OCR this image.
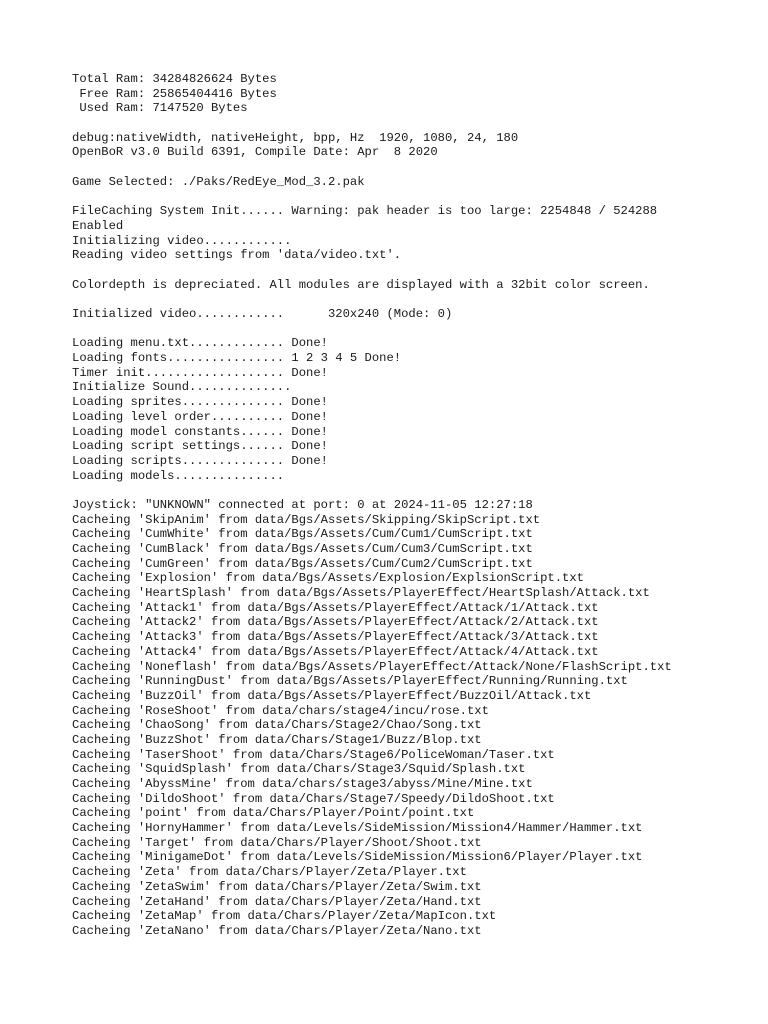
Total Ram: 34284826624 Bytes
Free Ram: 25865404416 Bytes
Used Ram: 7147520 Bytes
debug:nativeWidth, nativeHeight, bpp, Hz  1920, 1080, 24, 180
OpenBoR v3.0 Build 6391, Compile Date: Apr  8 2020
Game Selected: ./Paks/RedEye_Mod_3.2.pak
FileCaching System Init...... Warning: pak header is too large: 2254848 / 524288
Enabled
Initializing video............
Reading video settings from 'data/video.txt'.
Colordepth is depreciated. All modules are displayed with a 32bit color screen.
Initialized video............      320x240 (Mode: 0)
Loading menu.txt............. Done!
Loading fonts................ 1 2 3 4 5 Done!
Timer init................... Done!
Initialize Sound..............
Loading sprites.............. Done!
Loading level order.......... Done!
Loading model constants...... Done!
Loading script settings...... Done!
Loading scripts.............. Done!
Loading models...............
Joystick: "UNKNOWN" connected at port: 0 at 2024-11-05 12:27:18
Cacheing 'SkipAnim' from data/Bgs/Assets/Skipping/SkipScript.txt
Cacheing 'CumWhite' from data/Bgs/Assets/Cum/Cum1/CumScript.txt
Cacheing 'CumBlack' from data/Bgs/Assets/Cum/Cum3/CumScript.txt
Cacheing 'CumGreen' from data/Bgs/Assets/Cum/Cum2/CumScript.txt
Cacheing 'Explosion' from data/Bgs/Assets/Explosion/ExplsionScript.txt
Cacheing 'HeartSplash' from data/Bgs/Assets/PlayerEffect/HeartSplash/Attack.txt
Cacheing 'Attack1' from data/Bgs/Assets/PlayerEffect/Attack/1/Attack.txt
Cacheing 'Attack2' from data/Bgs/Assets/PlayerEffect/Attack/2/Attack.txt
Cacheing 'Attack3' from data/Bgs/Assets/PlayerEffect/Attack/3/Attack.txt
Cacheing 'Attack4' from data/Bgs/Assets/PlayerEffect/Attack/4/Attack.txt
Cacheing 'Noneflash' from data/Bgs/Assets/PlayerEffect/Attack/None/FlashScript.txt
Cacheing 'RunningDust' from data/Bgs/Assets/PlayerEffect/Running/Running.txt
Cacheing 'BuzzOil' from data/Bgs/Assets/PlayerEffect/BuzzOil/Attack.txt
Cacheing 'RoseShoot' from data/chars/stage4/incu/rose.txt
Cacheing 'ChaoSong' from data/Chars/Stage2/Chao/Song.txt
Cacheing 'BuzzShot' from data/Chars/Stage1/Buzz/Blop.txt
Cacheing 'TaserShoot' from data/Chars/Stage6/PoliceWoman/Taser.txt
Cacheing 'SquidSplash' from data/Chars/Stage3/Squid/Splash.txt
Cacheing 'AbyssMine' from data/chars/stage3/abyss/Mine/Mine.txt
Cacheing 'DildoShoot' from data/Chars/Stage7/Speedy/DildoShoot.txt
Cacheing 'point' from data/Chars/Player/Point/point.txt
Cacheing 'HornyHammer' from data/Levels/SideMission/Mission4/Hammer/Hammer.txt
Cacheing 'Target' from data/Chars/Player/Shoot/Shoot.txt
Cacheing 'MinigameDot' from data/Levels/SideMission/Mission6/Player/Player.txt
Cacheing 'Zeta' from data/Chars/Player/Zeta/Player.txt
Cacheing 'ZetaSwim' from data/Chars/Player/Zeta/Swim.txt
Cacheing 'ZetaHand' from data/Chars/Player/Zeta/Hand.txt
Cacheing 'ZetaMap' from data/Chars/Player/Zeta/MapIcon.txt
Cacheing 'ZetaNano' from data/Chars/Player/Zeta/Nano.txt
